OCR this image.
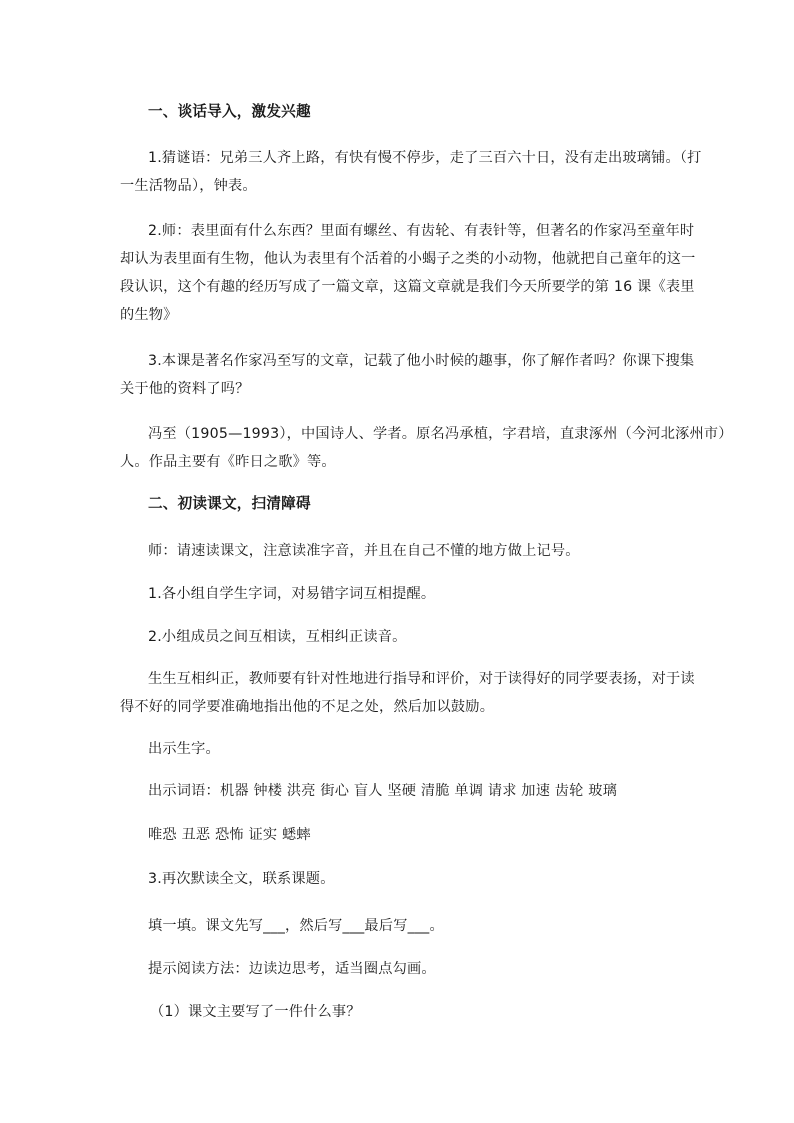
一、谈话导入，激发兴趣
1.猜谜语：兄弟三人齐上路，有快有慢不停步，走了三百六十日，没有走出玻璃铺。（打
一生活物品），钟表。
2.师：表里面有什么东西？里面有螺丝、有齿轮、有表针等，但著名的作家冯至童年时
却认为表里面有生物，他认为表里有个活着的小蝎子之类的小动物，他就把自己童年的这一
段认识，这个有趣的经历写成了一篇文章，这篇文章就是我们今天所要学的第 16 课《表里
的生物》
3.本课是著名作家冯至写的文章，记载了他小时候的趣事，你了解作者吗？你课下搜集
关于他的资料了吗？
冯至（1905—1993），中国诗人、学者。原名冯承植，字君培，直隶涿州（今河北涿州市）
人。作品主要有《昨日之歌》等。
二、初读课文，扫清障碍
师：请速读课文，注意读准字音，并且在自己不懂的地方做上记号。
1.各小组自学生字词，对易错字词互相提醒。
2.小组成员之间互相读，互相纠正读音。
生生互相纠正，教师要有针对性地进行指导和评价，对于读得好的同学要表扬，对于读
得不好的同学要准确地指出他的不足之处，然后加以鼓励。
出示生字。
出示词语：机器 钟楼 洪亮 街心 盲人 坚硬 清脆 单调 请求 加速 齿轮 玻璃
唯恐 丑恶 恐怖 证实 蟋蟀
3.再次默读全文，联系课题。
填一填。课文先写___，然后写___最后写___。
提示阅读方法：边读边思考，适当圈点勾画。
（1）课文主要写了一件什么事？
